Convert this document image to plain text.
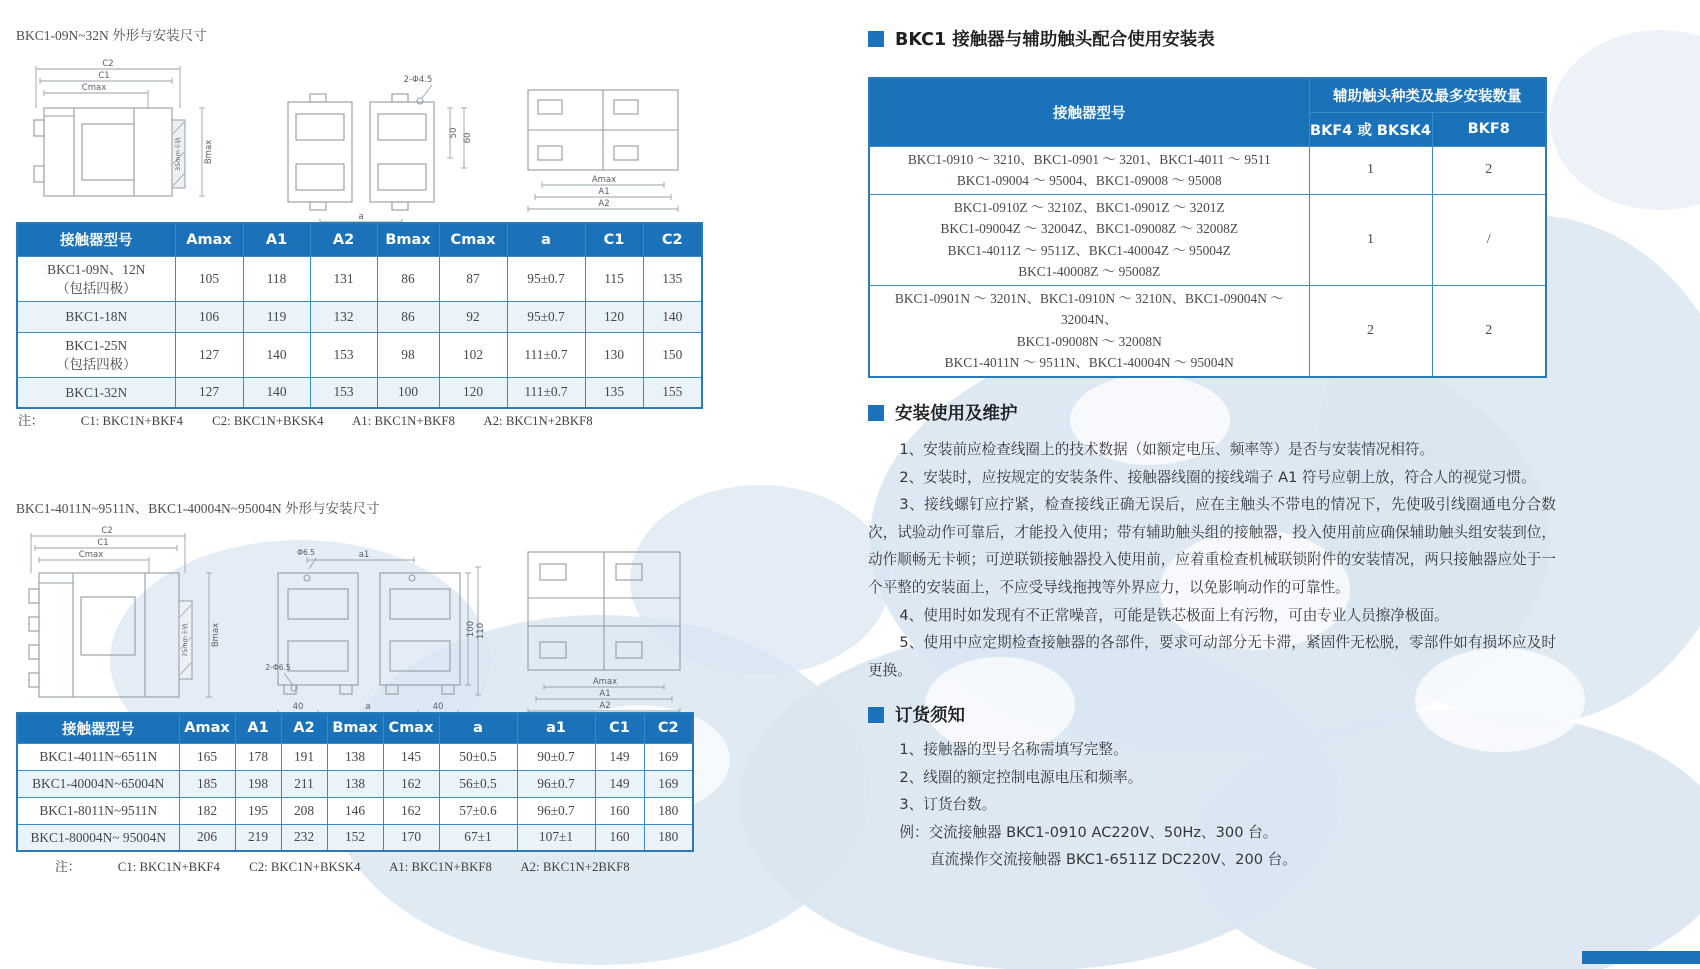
BKC1-09N~32N 外形与安装尺寸
C2
C1
Cmax
35mm卡轨	Bmax
2-Φ4.5
50 60
a
Amax
A1
A2
接触器型号	Amax	A1	A2	Bmax	Cmax	a	C1	C2

BKC1-09N、12N
（包括四极）	105	118	131	86	87	95±0.7	115	135

BKC1-18N	106	119	132	86	92	95±0.7	120	140

BKC1-25N
（包括四极）	127	140	153	98	102	111±0.7	130	150

BKC1-32N	127	140	153	100	120	111±0.7	135	155
注：	C1: BKC1N+BKF4 C2: BKC1N+BKSK4 A1: BKC1N+BKF8 A2: BKC1N+2BKF8
BKC1-4011N~9511N、BKC1-40004N~95004N 外形与安装尺寸
C2
C1
Cmax
75mm卡轨	Bmax
Φ6.5	a1
2-Φ6.5
40	a	40
100 110
Amax
A1
A2
接触器型号	Amax	A1	A2	Bmax	Cmax	a	a1	C1	C2

BKC1-4011N~6511N	165	178	191	138	145	50±0.5	90±0.7	149	169

BKC1-40004N~65004N	185	198	211	138	162	56±0.5	96±0.7	149	169

BKC1-8011N~9511N	182	195	208	146	162	57±0.6	96±0.7	160	180

BKC1-80004N~ 95004N	206	219	232	152	170	67±1	107±1	160	180
注：	C1: BKC1N+BKF4 C2: BKC1N+BKSK4 A1: BKC1N+BKF8 A2: BKC1N+2BKF8
BKC1 接触器与辅助触头配合使用安装表
接触器型号	辅助触头种类及最多安装数量	
	BKF4 或 BKSK4	BKF8

BKC1-0910 ～ 3210、BKC1-0901 ～ 3201、BKC1-4011 ～ 9511
BKC1-09004 ～ 95004、BKC1-09008 ～ 95008	1	2

BKC1-0910Z ～ 3210Z、BKC1-0901Z ～ 3201Z
BKC1-09004Z ～ 32004Z、BKC1-09008Z ～ 32008Z
BKC1-4011Z ～ 9511Z、BKC1-40004Z ～ 95004Z
BKC1-40008Z ～ 95008Z	1	/

BKC1-0901N ～ 3201N、BKC1-0910N ～ 3210N、BKC1-09004N ～ 32004N、
BKC1-09008N ～ 32008N
BKC1-4011N ～ 9511N、BKC1-40004N ～ 95004N	2	2
安装使用及维护

1、安装前应检查线圈上的技术数据（如额定电压、频率等）是否与安装情况相符。

2、安装时，应按规定的安装条件、接触器线圈的接线端子 A1 符号应朝上放，符合人的视觉习惯。

3、接线螺钉应拧紧，检查接线正确无误后，应在主触头不带电的情况下，先使吸引线圈通电分合数次，试验动作可靠后，才能投入使用；带有辅助触头组的接触器，投入使用前应确保辅助触头组安装到位，动作顺畅无卡顿；可逆联锁接触器投入使用前，应着重检查机械联锁附件的安装情况，两只接触器应处于一个平整的安装面上，不应受导线拖拽等外界应力，以免影响动作的可靠性。

4、使用时如发现有不正常噪音，可能是铁芯极面上有污物，可由专业人员擦净极面。

5、使用中应定期检查接触器的各部件，要求可动部分无卡滞，紧固件无松脱，零部件如有损坏应及时更换。

订货须知

1、接触器的型号名称需填写完整。

2、线圈的额定控制电源电压和频率。

3、订货台数。

例：交流接触器 BKC1-0910 AC220V、50Hz、300 台。

直流操作交流接触器 BKC1-6511Z DC220V、200 台。
